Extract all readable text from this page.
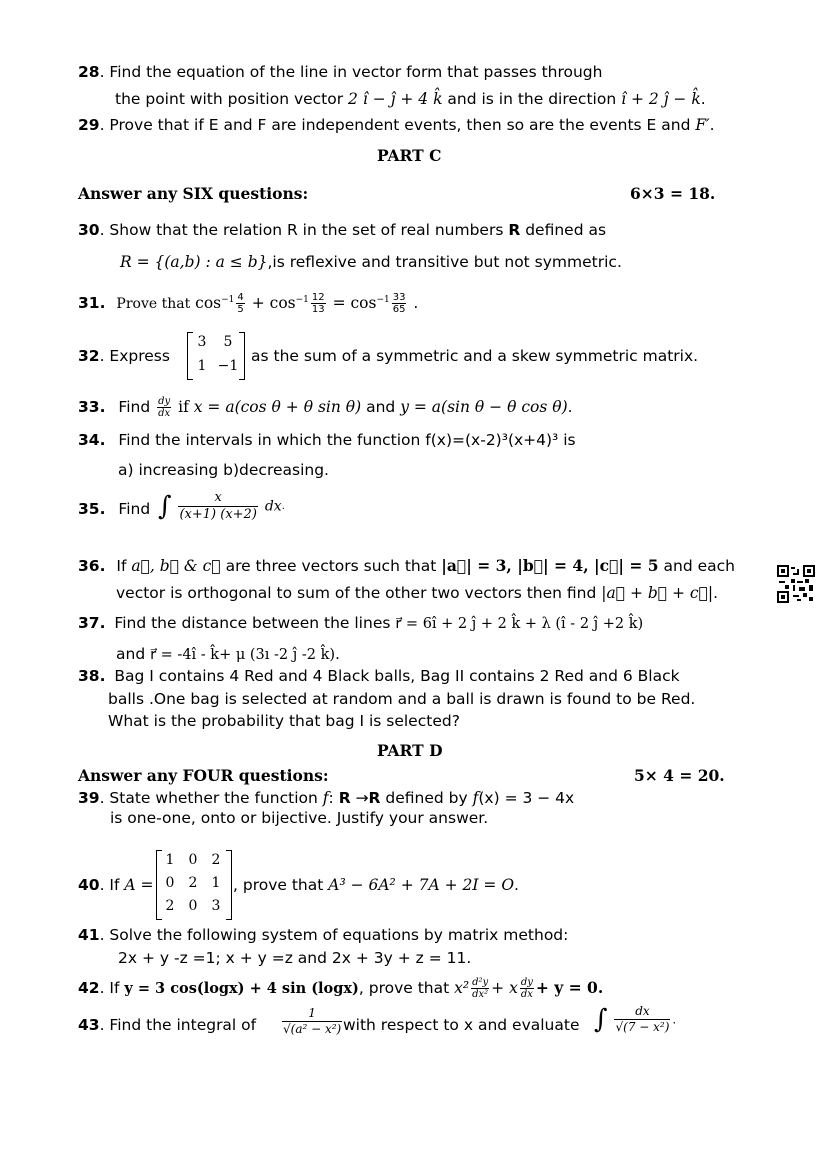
28. Find the equation of the line in vector form that passes through
the point with position vector 2 î − ĵ + 4 k̂ and is in the direction î + 2 ĵ − k̂.
29. Prove that if E and F are independent events, then so are the events E and F′.
PART C
Answer any SIX questions:	6×3 = 18.
30. Show that the relation R in the set of real numbers R defined as
R = {(a,b) : a ≤ b},is reflexive and transitive but not symmetric.
31. Prove that $\cos^{-1} \frac{4}{5} + \cos^{-1} \frac{12}{13} = \cos^{-1} \frac{33}{65}$ .
32. Express
3	5
1 −1
as the sum of a symmetric and a skew symmetric matrix.
33. Find $\frac{dy}{dx}$ if x = a(cos θ + θ sin θ) and y = a(sin θ − θ cos θ).
34. Find the intervals in which the function f(x)=(x-2)³(x+4)³ is
a) increasing b)decreasing.
35. Find ∫ $\frac{x}{(x+1) (x+2)}$ dx.
36. If a⃗, b⃗ & c⃗ are three vectors such that |a⃗| = 3, |b⃗| = 4, |c⃗| = 5 and each
vector is orthogonal to sum of the other two vectors then find |a⃗ + b⃗ + c⃗|.
37. Find the distance between the lines r⃗ = 6î + 2 ĵ + 2 k̂ + λ (î - 2 ĵ +2 k̂)
and r⃗ = -4î - k̂+ μ (3ı -2 ĵ -2 k̂).
38. Bag I contains 4 Red and 4 Black balls, Bag II contains 2 Red and 6 Black
balls .One bag is selected at random and a ball is drawn is found to be Red.
What is the probability that bag I is selected?
PART D
Answer any FOUR questions:	5× 4 = 20.
39. State whether the function f: R →R defined by f(x) = 3 − 4x
is one-one, onto or bijective. Justify your answer.
40. If A =
1	0	2
0	2	1
2	0	3
, prove that A³ − 6A² + 7A + 2I = O.
41. Solve the following system of equations by matrix method:
2x + y -z =1; x + y =z and 2x + 3y + z = 11.
42. If y = 3 cos(logx) + 4 sin (logx), prove that $x^2 \frac{\text{d²y}}{\text{dx²}} + x \frac{dy}{dx} + y = 0$.
43. Find the integral of $\frac{1}{\text{√(a² − x²)}}$ with respect to x and evaluate ∫ $\frac{dx}{\text{√(7 − x²)}}$ .
